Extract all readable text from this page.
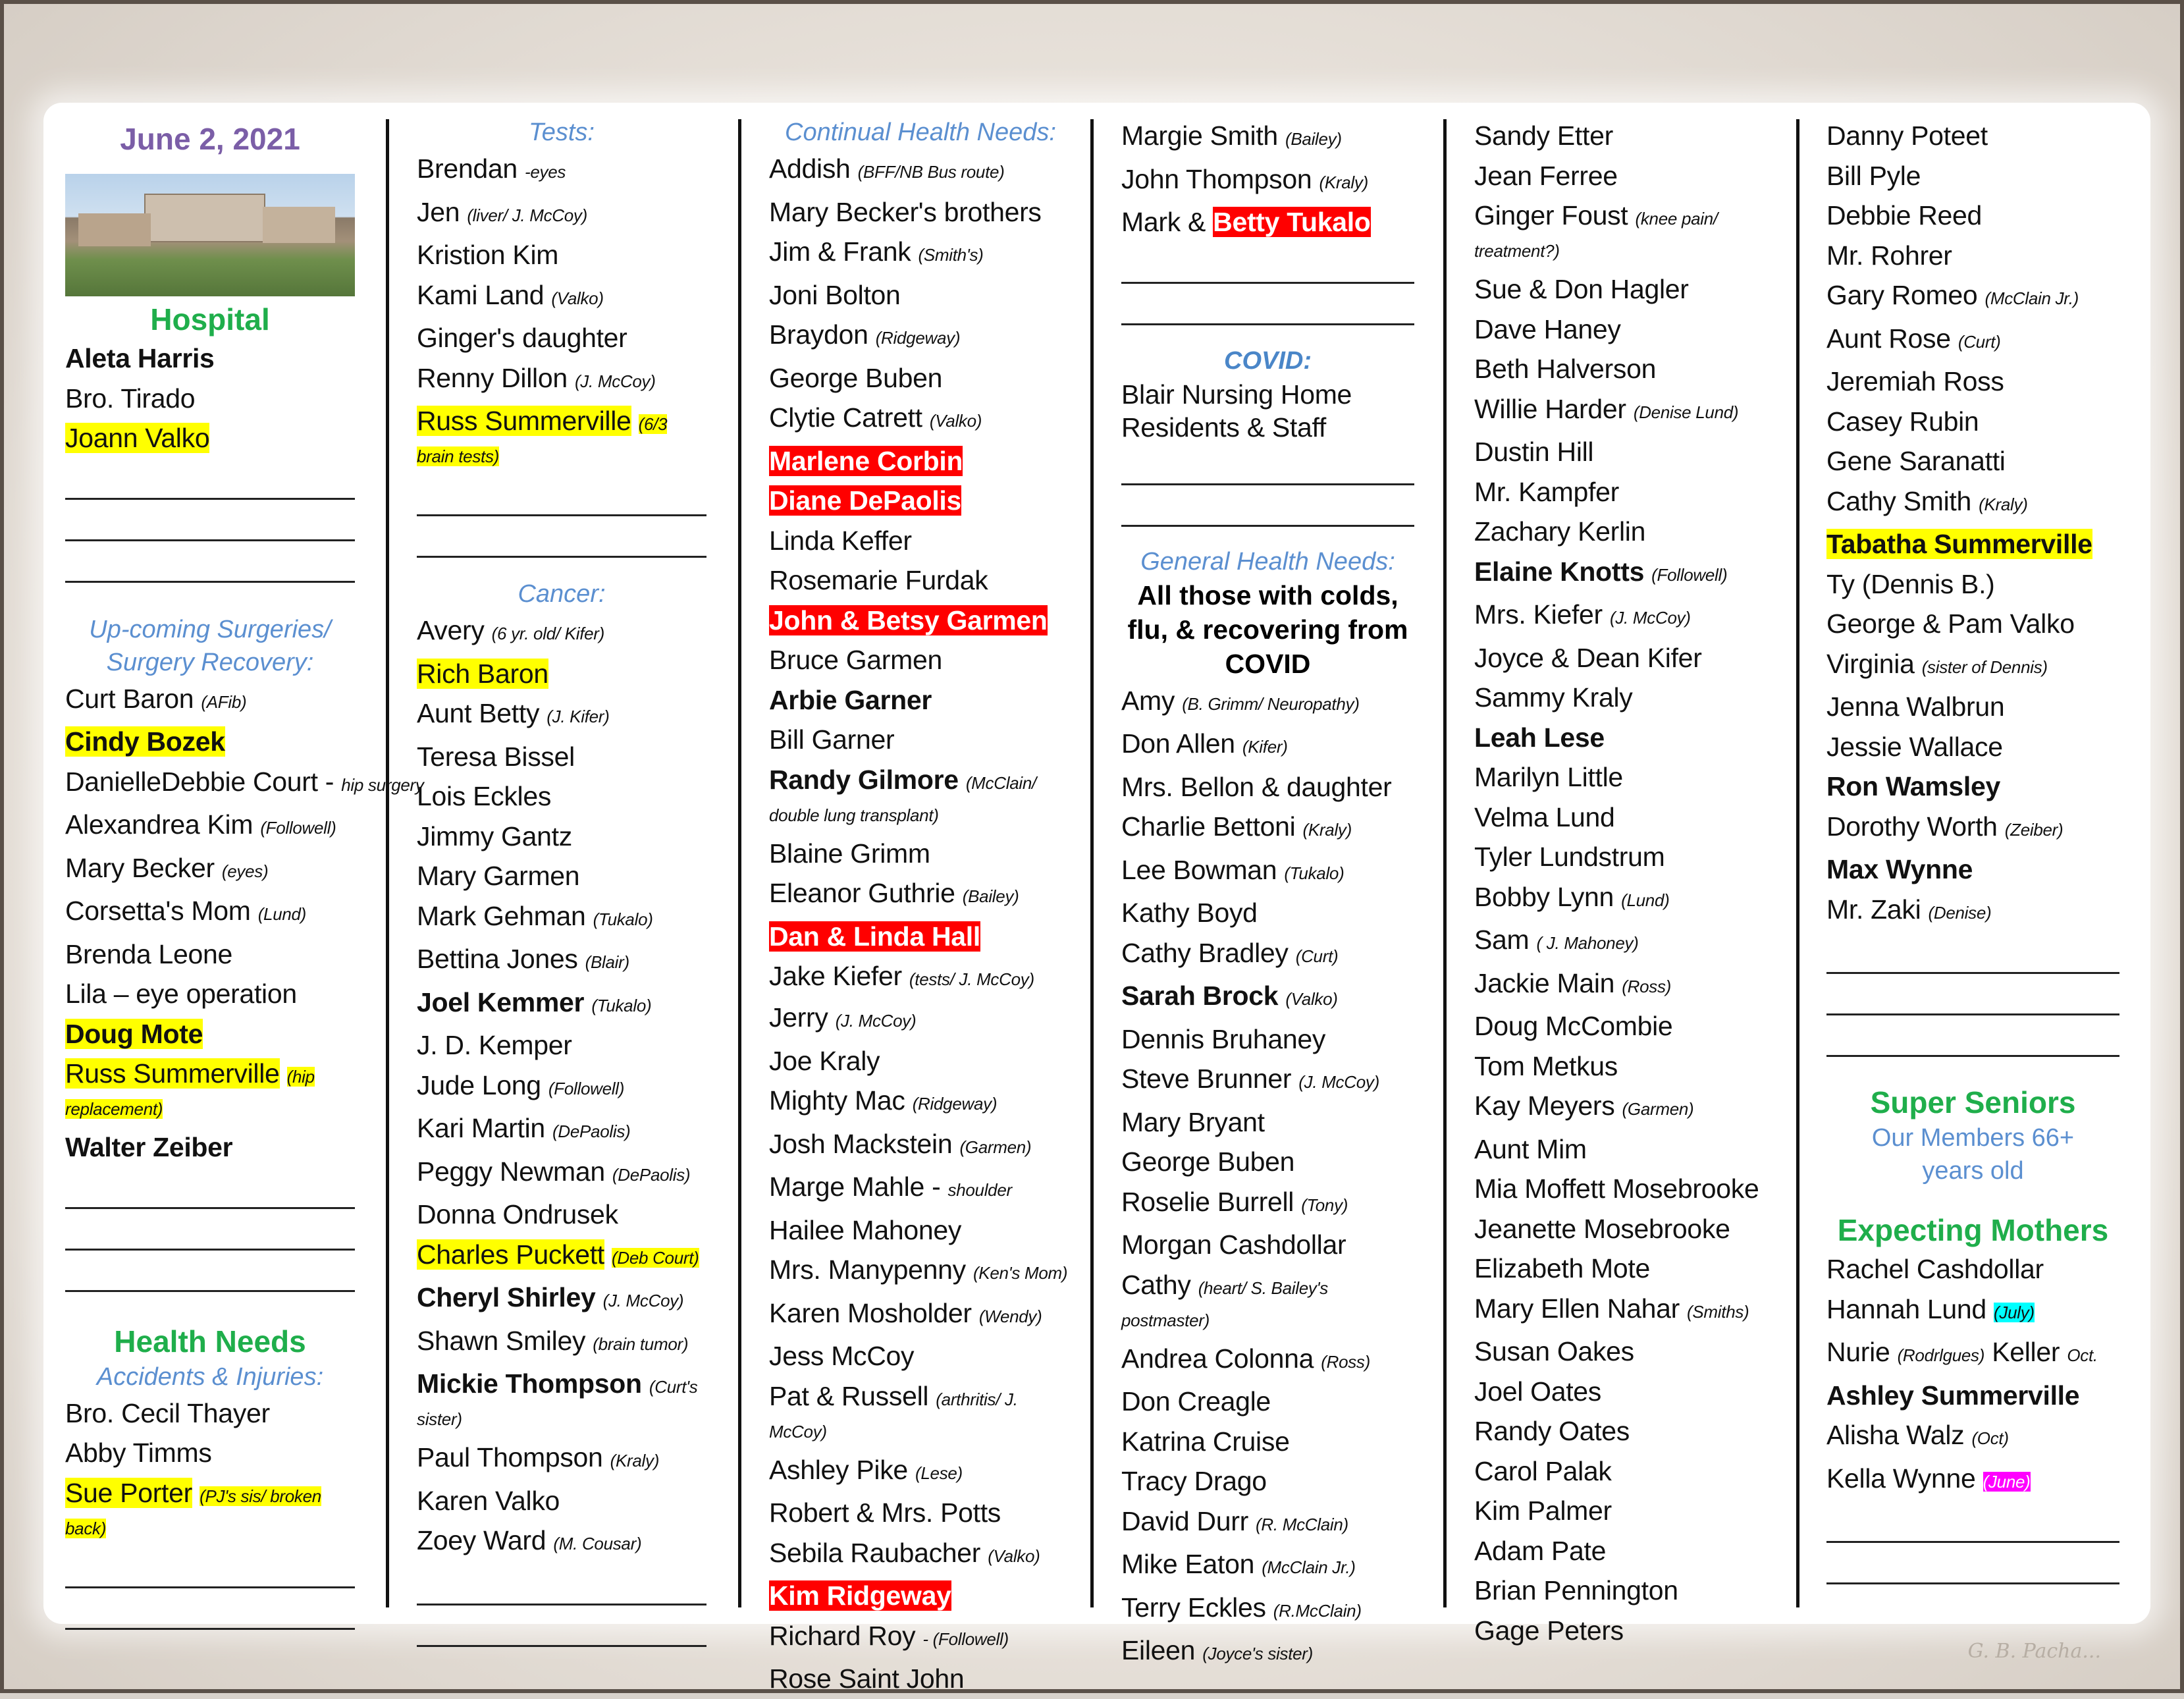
June 2, 2021
Hospital
Aleta Harris
Bro. Tirado
Joann Valko
Up-coming Surgeries/ Surgery Recovery:
Curt Baron (AFib)
Cindy Bozek
DanielleDebbie Court - hip surgery
Alexandrea Kim (Followell)
Mary Becker (eyes)
Corsetta's Mom (Lund)
Brenda Leone
Lila – eye operation
Doug Mote
Russ Summerville (hip replacement)
Walter Zeiber
Health Needs
Accidents & Injuries:
Bro. Cecil Thayer
Abby Timms
Sue Porter (PJ's sis/ broken back)
Tests:
Brendan -eyes
Jen (liver/ J. McCoy)
Kristion Kim
Kami Land (Valko)
Ginger's daughter
Renny Dillon (J. McCoy)
Russ Summerville (6/3 brain tests)
Cancer:
Avery (6 yr. old/ Kifer)
Rich Baron
Aunt Betty (J. Kifer)
Teresa Bissel
Lois Eckles
Jimmy Gantz
Mary Garmen
Mark Gehman (Tukalo)
Bettina Jones (Blair)
Joel Kemmer (Tukalo)
J. D. Kemper
Jude Long (Followell)
Kari Martin (DePaolis)
Peggy Newman (DePaolis)
Donna Ondrusek
Charles Puckett (Deb Court)
Cheryl Shirley (J. McCoy)
Shawn Smiley (brain tumor)
Mickie Thompson (Curt's sister)
Paul Thompson (Kraly)
Karen Valko
Zoey Ward (M. Cousar)
Continual Health Needs:
Addish (BFF/NB Bus route)
Mary Becker's brothers
Jim & Frank (Smith's)
Joni Bolton
Braydon (Ridgeway)
George Buben
Clytie Catrett (Valko)
Marlene Corbin
Diane DePaolis
Linda Keffer
Rosemarie Furdak
John & Betsy Garmen
Bruce Garmen
Arbie Garner
Bill Garner
Randy Gilmore (McClain/ double lung transplant)
Blaine Grimm
Eleanor Guthrie (Bailey)
Dan & Linda Hall
Jake Kiefer (tests/ J. McCoy)
Jerry (J. McCoy)
Joe Kraly
Mighty Mac (Ridgeway)
Josh Mackstein (Garmen)
Marge Mahle - shoulder
Hailee Mahoney
Mrs. Manypenny (Ken's Mom)
Karen Mosholder (Wendy)
Jess McCoy
Pat & Russell (arthritis/ J. McCoy)
Ashley Pike (Lese)
Robert & Mrs. Potts
Sebila Raubacher (Valko)
Kim Ridgeway
Richard Roy - (Followell)
Rose Saint John
Margie Smith (Bailey)
John Thompson (Kraly)
Mark & Betty Tukalo
COVID:
Blair Nursing Home
Residents & Staff
General Health Needs:
All those with colds, flu, & recovering from COVID
Amy (B. Grimm/ Neuropathy)
Don Allen (Kifer)
Mrs. Bellon & daughter
Charlie Bettoni (Kraly)
Lee Bowman (Tukalo)
Kathy Boyd
Cathy Bradley (Curt)
Sarah Brock (Valko)
Dennis Bruhaney
Steve Brunner (J. McCoy)
Mary Bryant
George Buben
Roselie Burrell (Tony)
Morgan Cashdollar
Cathy (heart/ S. Bailey's postmaster)
Andrea Colonna (Ross)
Don Creagle
Katrina Cruise
Tracy Drago
David Durr (R. McClain)
Mike Eaton (McClain Jr.)
Terry Eckles (R.McClain)
Eileen (Joyce's sister)
Sandy Etter
Jean Ferree
Ginger Foust (knee pain/ treatment?)
Sue & Don Hagler
Dave Haney
Beth Halverson
Willie Harder (Denise Lund)
Dustin Hill
Mr. Kampfer
Zachary Kerlin
Elaine Knotts (Followell)
Mrs. Kiefer (J. McCoy)
Joyce & Dean Kifer
Sammy Kraly
Leah Lese
Marilyn Little
Velma Lund
Tyler Lundstrum
Bobby Lynn (Lund)
Sam ( J. Mahoney)
Jackie Main (Ross)
Doug McCombie
Tom Metkus
Kay Meyers (Garmen)
Aunt Mim
Mia Moffett Mosebrooke
Jeanette Mosebrooke
Elizabeth Mote
Mary Ellen Nahar (Smiths)
Susan Oakes
Joel Oates
Randy Oates
Carol Palak
Kim Palmer
Adam Pate
Brian Pennington
Gage Peters
Danny Poteet
Bill Pyle
Debbie Reed
Mr. Rohrer
Gary Romeo (McClain Jr.)
Aunt Rose (Curt)
Jeremiah Ross
Casey Rubin
Gene Saranatti
Cathy Smith (Kraly)
Tabatha Summerville
Ty (Dennis B.)
George & Pam Valko
Virginia (sister of Dennis)
Jenna Walbrun
Jessie Wallace
Ron Wamsley
Dorothy Worth (Zeiber)
Max Wynne
Mr. Zaki (Denise)
Super Seniors
Our Members 66+ years old
Expecting Mothers
Rachel Cashdollar
Hannah Lund (July)
Nurie (Rodrlgues) Keller Oct.
Ashley Summerville
Alisha Walz (Oct)
Kella Wynne (June)
G. B. Pacha...
